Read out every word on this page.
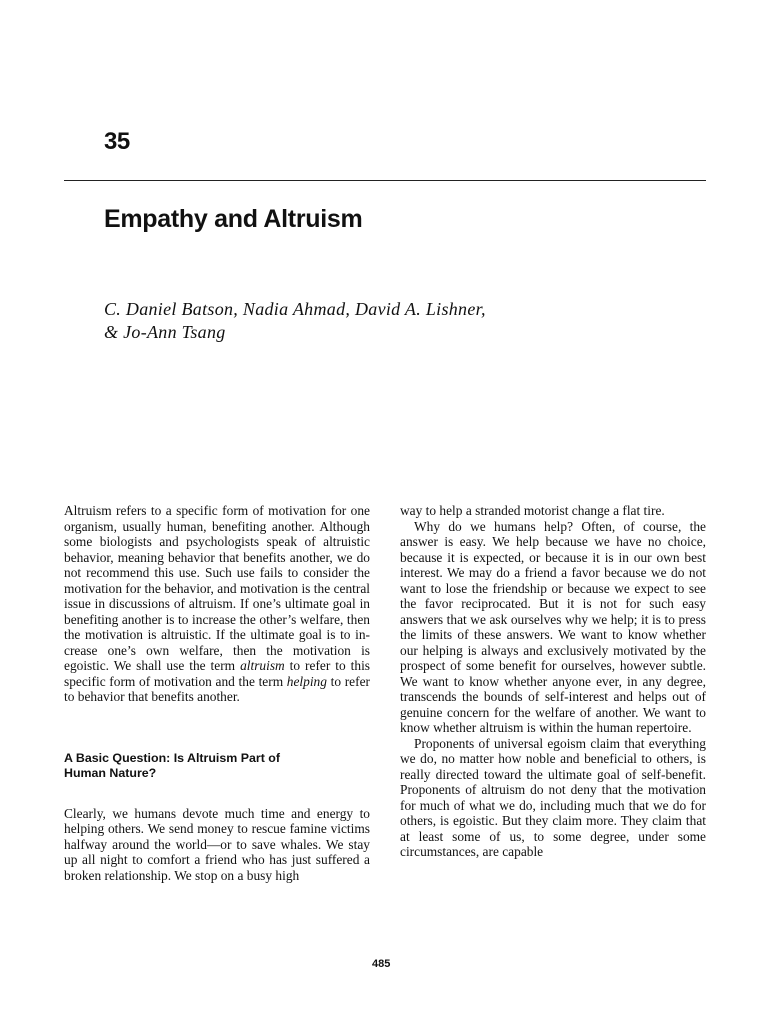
35
Empathy and Altruism
C. Daniel Batson, Nadia Ahmad, David A. Lishner,
& Jo-Ann Tsang

Altruism refers to a specific form of motivation for one organism, usually human, benefiting another. Although some biologists and psychologists speak of altruistic behavior, meaning behavior that benefits another, we do not recommend this use. Such use fails to consider the motivation for the behavior, and motivation is the central issue in discussions of altruism. If one’s ultimate goal in benefiting another is to increase the other’s welfare, then the motivation is altruistic. If the ultimate goal is to increase one’s own welfare, then the motivation is egoistic. We shall use the term altruism to refer to this specific form of motivation and the term helping to refer to behavior that benefits another.

A Basic Question: Is Altruism Part of
Human Nature?

Clearly, we humans devote much time and energy to helping others. We send money to rescue famine victims halfway around the world—or to save whales. We stay up all night to comfort a friend who has just suffered a broken relationship. We stop on a busy high

way to help a stranded motorist change a flat tire.

Why do we humans help? Often, of course, the answer is easy. We help because we have no choice, because it is expected, or because it is in our own best interest. We may do a friend a favor because we do not want to lose the friendship or because we expect to see the favor reciprocated. But it is not for such easy answers that we ask ourselves why we help; it is to press the limits of these answers. We want to know whether our helping is always and exclusively motivated by the prospect of some benefit for ourselves, however subtle. We want to know whether anyone ever, in any degree, transcends the bounds of self-interest and helps out of genuine concern for the welfare of another. We want to know whether altruism is within the human repertoire.

Proponents of universal egoism claim that everything we do, no matter how noble and beneficial to others, is really directed toward the ultimate goal of self-benefit. Proponents of altruism do not deny that the motivation for much of what we do, including much that we do for others, is egoistic. But they claim more. They claim that at least some of us, to some degree, under some circumstances, are capable

485
